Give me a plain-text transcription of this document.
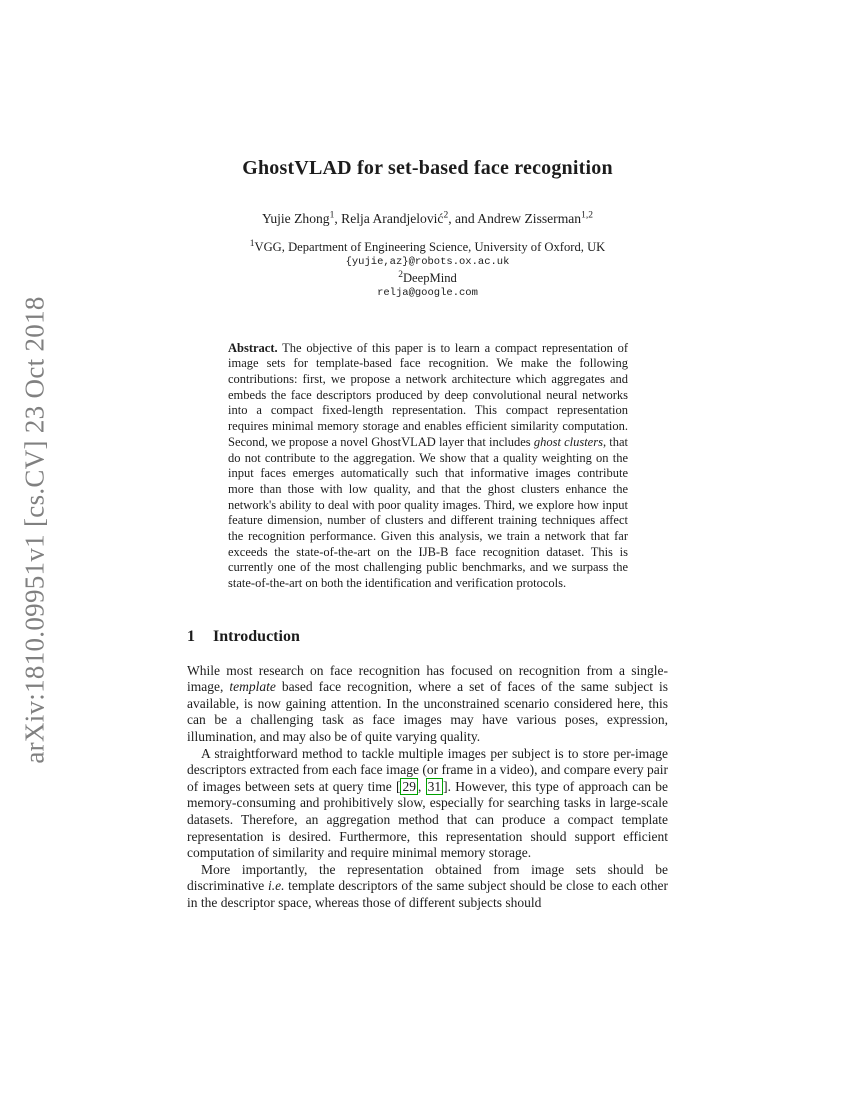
arXiv:1810.09951v1 [cs.CV] 23 Oct 2018
GhostVLAD for set-based face recognition

Yujie Zhong$^1$, Relja Arandjelović$^2$, and Andrew Zisserman$^{1,2}$

$^1$VGG, Department of Engineering Science, University of Oxford, UK
{yujie,az}@robots.ox.ac.uk
$^2$DeepMind
relja@google.com
Abstract. The objective of this paper is to learn a compact representation of image sets for template-based face recognition. We make the following contributions: first, we propose a network architecture which aggregates and embeds the face descriptors produced by deep convolutional neural networks into a compact fixed-length representation. This compact representation requires minimal memory storage and enables efficient similarity computation. Second, we propose a novel GhostVLAD layer that includes ghost clusters, that do not contribute to the aggregation. We show that a quality weighting on the input faces emerges automatically such that informative images contribute more than those with low quality, and that the ghost clusters enhance the network's ability to deal with poor quality images. Third, we explore how input feature dimension, number of clusters and different training techniques affect the recognition performance. Given this analysis, we train a network that far exceeds the state-of-the-art on the IJB-B face recognition dataset. This is currently one of the most challenging public benchmarks, and we surpass the state-of-the-art on both the identification and verification protocols.
1 Introduction

While most research on face recognition has focused on recognition from a single-image, template based face recognition, where a set of faces of the same subject is available, is now gaining attention. In the unconstrained scenario considered here, this can be a challenging task as face images may have various poses, expression, illumination, and may also be of quite varying quality.

A straightforward method to tackle multiple images per subject is to store per-image descriptors extracted from each face image (or frame in a video), and compare every pair of images between sets at query time [ 29 , 31 ]. However, this type of approach can be memory-consuming and prohibitively slow, especially for searching tasks in large-scale datasets. Therefore, an aggregation method that can produce a compact template representation is desired. Furthermore, this representation should support efficient computation of similarity and require minimal memory storage.

More importantly, the representation obtained from image sets should be discriminative i.e. template descriptors of the same subject should be close to each other in the descriptor space, whereas those of different subjects should
